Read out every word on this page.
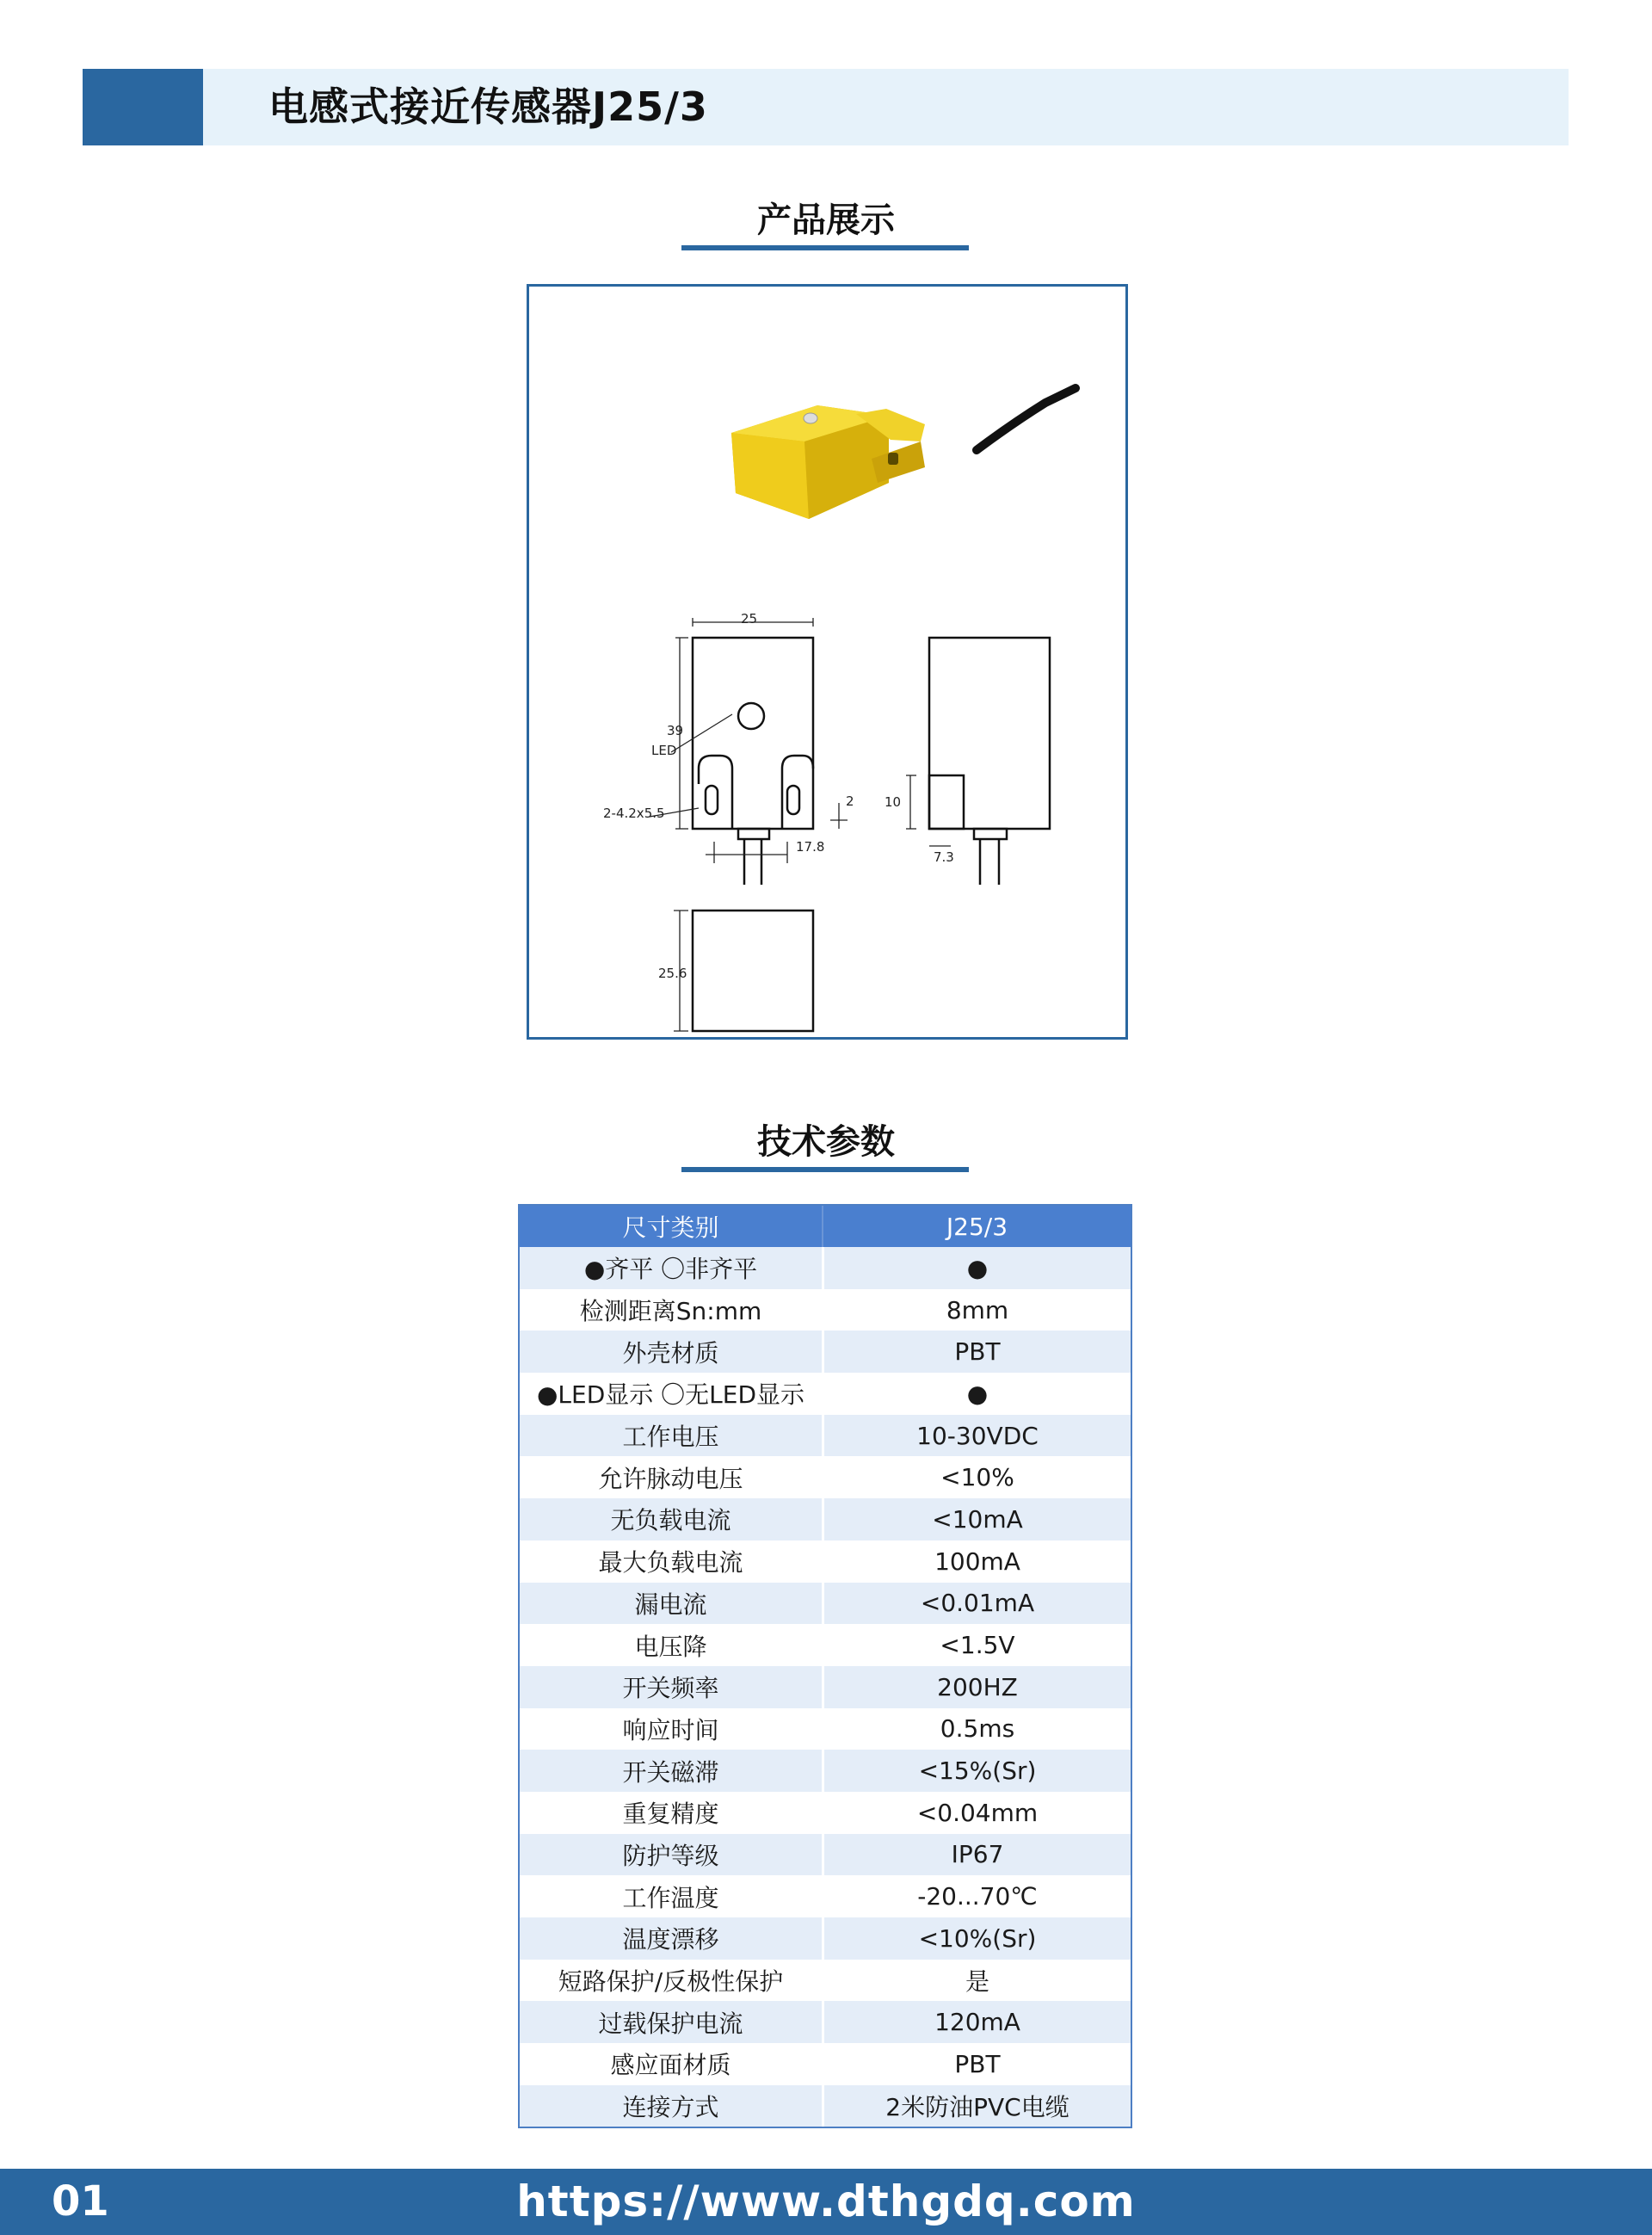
电感式接近传感器J25/3
产品展示
25
39
LED
2-4.2x5.5
2
17.8
25.6
10
7.3
技术参数
尺寸类别	J25/3
●齐平 〇非齐平	●
检测距离Sn:mm	8mm
外壳材质	PBT
●LED显示 〇无LED显示	●
工作电压	10-30VDC
允许脉动电压	<10%
无负载电流	<10mA
最大负载电流	100mA
漏电流	<0.01mA
电压降	<1.5V
开关频率	200HZ
响应时间	0.5ms
开关磁滞	<15%(Sr)
重复精度	<0.04mm
防护等级	IP67
工作温度	-20...70℃
温度漂移	<10%(Sr)
短路保护/反极性保护	是
过载保护电流	120mA
感应面材质	PBT
连接方式	2米防油PVC电缆
01	https://www.dthgdq.com
